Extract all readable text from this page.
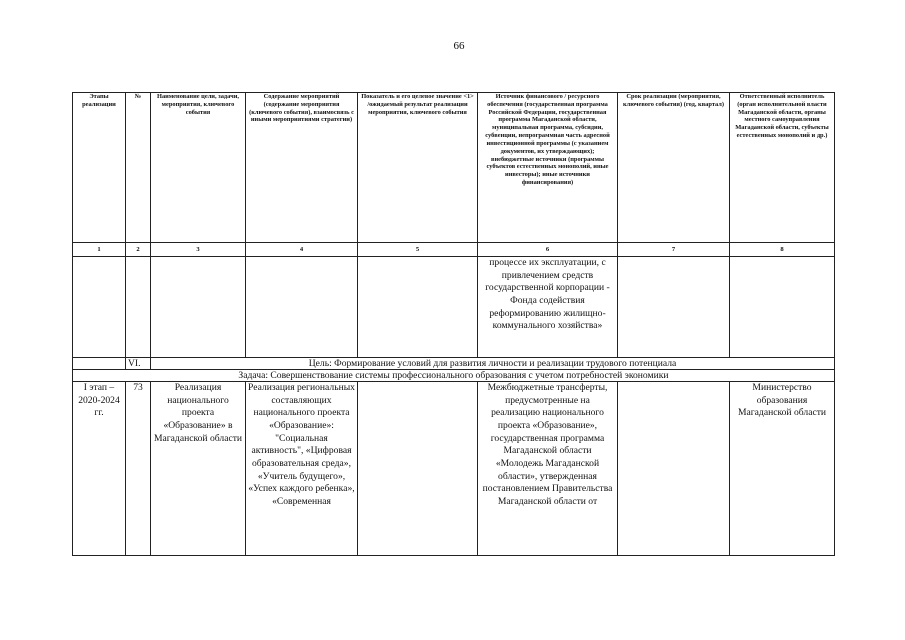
66
Этапы реализации	№	Наименование цели, задачи, мероприятия, ключевого события	Содержание мероприятий (содержание мероприятия (ключевого события), взаимосвязь с иными мероприятиями стратегии)	Показатель и его целевое значение <1> /ожидаемый результат реализации мероприятия, ключевого события	Источник финансового / ресурсного обеспечения (государственная программа Российской Федерации, государственная программа Магаданской области, муниципальная программа, субсидии, субвенции, непрограммная часть адресной инвестиционной программы (с указанием документов, их утверждающих); внебюджетные источники (программы субъектов естественных монополий, иные инвесторы); иные источники финансирования)	Срок реализации (мероприятия, ключевого события) (год, квартал)	Ответственный исполнитель (орган исполнительной власти Магаданской области, органы местного самоуправления Магаданской области, субъекты естественных монополий и др.)
1	2	3	4	5	6	7	8
					процессе их эксплуатации, с привлечением средств государственной корпорации - Фонда содействия реформированию жилищно-коммунального хозяйства»		
	VI.	Цель: Формирование условий для развития личности и реализации трудового потенциала					
Задача: Совершенствование системы профессионального образования с учетом потребностей экономики							
I этап – 2020-2024 гг.	73	Реализация национального проекта «Образование» в Магаданской области	Реализация региональных составляющих национального проекта «Образование»: "Социальная активность", «Цифровая образовательная среда», «Учитель будущего», «Успех каждого ребенка», «Современная		Межбюджетные трансферты, предусмотренные на реализацию национального проекта «Образование», государственная программа Магаданской области «Молодежь Магаданской области», утвержденная постановлением Правительства Магаданской области от		Министерство образования Магаданской области
